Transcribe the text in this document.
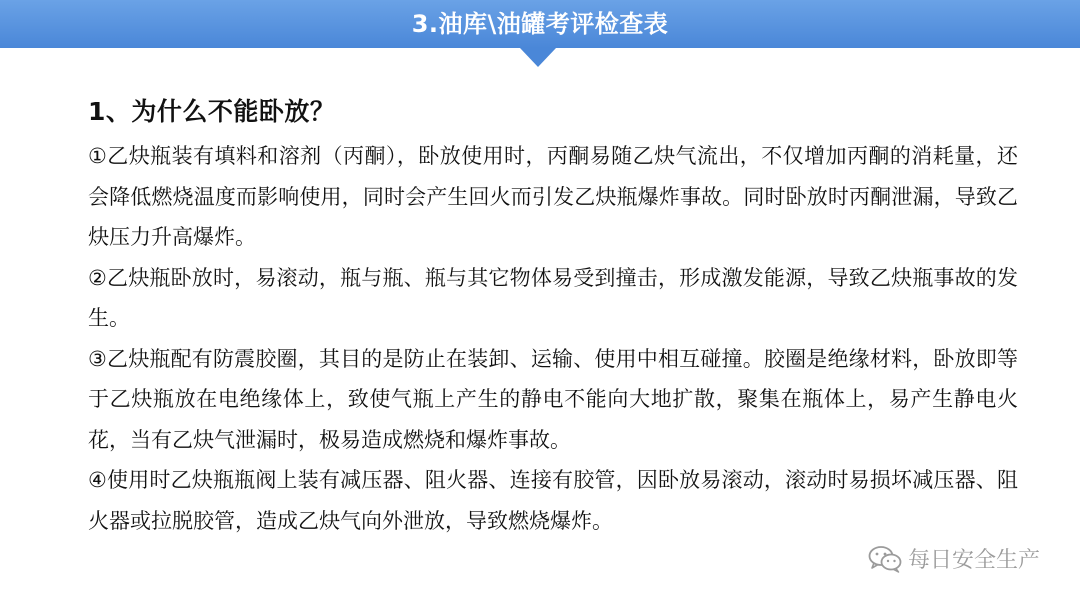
3.油库\油罐考评检查表
1、为什么不能卧放？

①乙炔瓶装有填料和溶剂（丙酮），卧放使用时，丙酮易随乙炔气流出，不仅增加丙酮的消耗量，还会降低燃烧温度而影响使用，同时会产生回火而引发乙炔瓶爆炸事故。同时卧放时丙酮泄漏，导致乙炔压力升高爆炸。

②乙炔瓶卧放时，易滚动，瓶与瓶、瓶与其它物体易受到撞击，形成激发能源，导致乙炔瓶事故的发生。

③乙炔瓶配有防震胶圈，其目的是防止在装卸、运输、使用中相互碰撞。胶圈是绝缘材料，卧放即等于乙炔瓶放在电绝缘体上，致使气瓶上产生的静电不能向大地扩散，聚集在瓶体上，易产生静电火花，当有乙炔气泄漏时，极易造成燃烧和爆炸事故。

④使用时乙炔瓶瓶阀上装有减压器、阻火器、连接有胶管，因卧放易滚动，滚动时易损坏减压器、阻火器或拉脱胶管，造成乙炔气向外泄放，导致燃烧爆炸。

每日安全生产
